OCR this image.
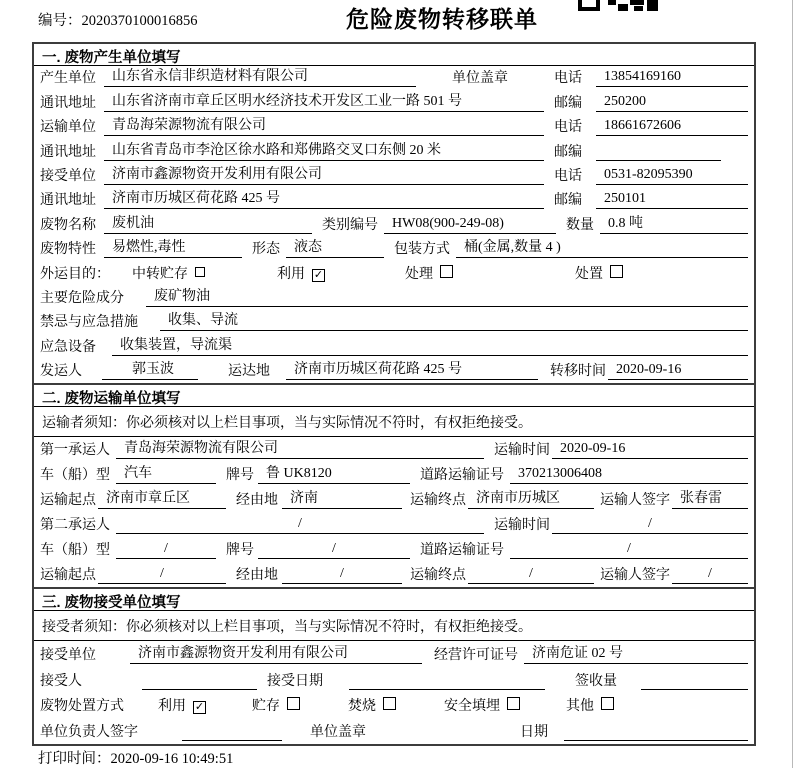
编号：2020370100016856	危险废物转移联单
一. 废物产生单位填写
产生单位	山东省永信非织造材料有限公司	单位盖章	电话	13854169160
通讯地址	山东省济南市章丘区明水经济技术开发区工业一路 501 号	邮编	250200
运输单位	青岛海荣源物流有限公司	电话	18661672606
通讯地址	山东省青岛市李沧区徐水路和郑佛路交叉口东侧 20 米	邮编
接受单位	济南市鑫源物资开发利用有限公司	电话	0531-82095390
通讯地址	济南市历城区荷花路 425 号	邮编	250101
废物名称	废机油	类别编号	HW08(900-249-08)	数量	0.8 吨
废物特性	易燃性,毒性	形态	液态	包装方式	桶(金属,数量 4 )
外运目的：	中转贮存	利用 ✓	处理	处置
主要危险成分	废矿物油
禁忌与应急措施	收集、导流
应急设备	收集装置，导流渠
发运人	郭玉波	运达地	济南市历城区荷花路 425 号	转移时间 2020-09-16
二. 废物运输单位填写
运输者须知： 你必须核对以上栏目事项，当与实际情况不符时，有权拒绝接受。
第一承运人	青岛海荣源物流有限公司	运输时间 2020-09-16
车（船）型	汽车	牌号 鲁 UK8120	道路运输证号	370213006408
运输起点 济南市章丘区	经由地 济南	运输终点 济南市历城区	运输人签字 张春雷
第二承运人	/	运输时间	/
车（船）型	/	牌号	/	道路运输证号	/
运输起点	/	经由地	/	运输终点	/	运输人签字	/
三. 废物接受单位填写
接受者须知： 你必须核对以上栏目事项，当与实际情况不符时，有权拒绝接受。
接受单位	济南市鑫源物资开发利用有限公司	经营许可证号	济南危证 02 号
接受人	接受日期	签收量
废物处置方式 利用 ✓	贮存	焚烧	安全填埋	其他
单位负责人签字	单位盖章	日期
打印时间：2020-09-16 10:49:51
